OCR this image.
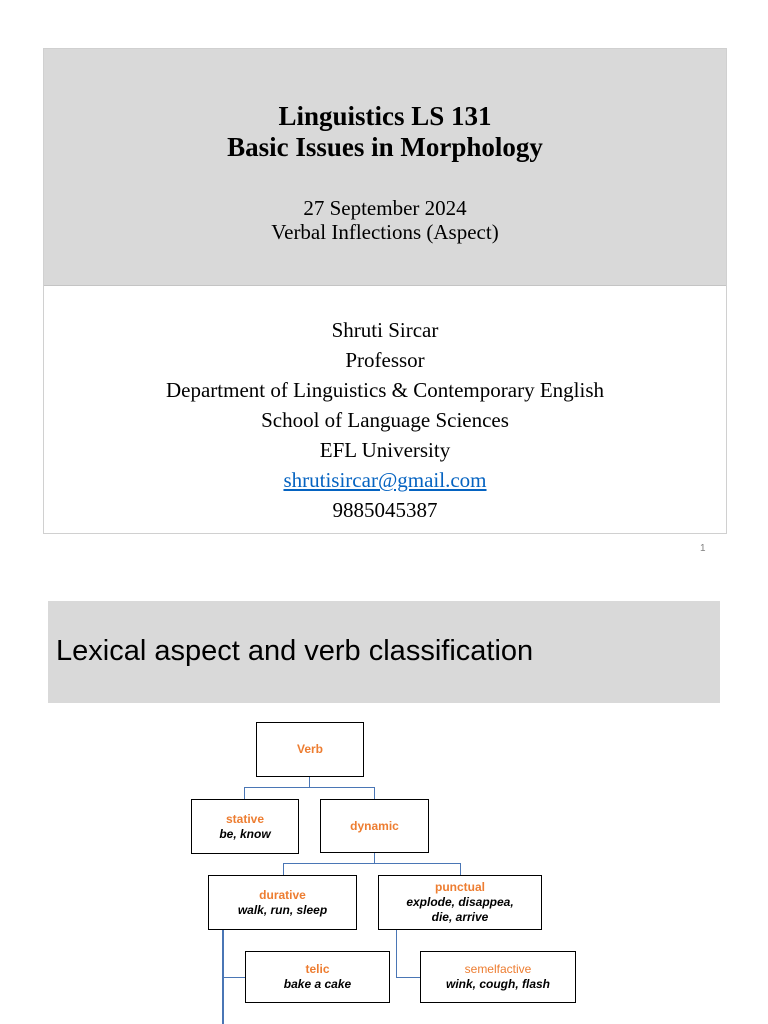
Linguistics LS 131
Basic Issues in Morphology
27 September 2024
Verbal Inflections (Aspect)
Shruti Sircar
Professor
Department of Linguistics & Contemporary English
School of Language Sciences
EFL University
shrutisircar@gmail.com
9885045387
1
Lexical aspect and verb classification
Verb
stative
be, know
dynamic
durative
walk, run, sleep
punctual
explode, disappea,
die, arrive
telic
bake a cake
semelfactive
wink, cough, flash
